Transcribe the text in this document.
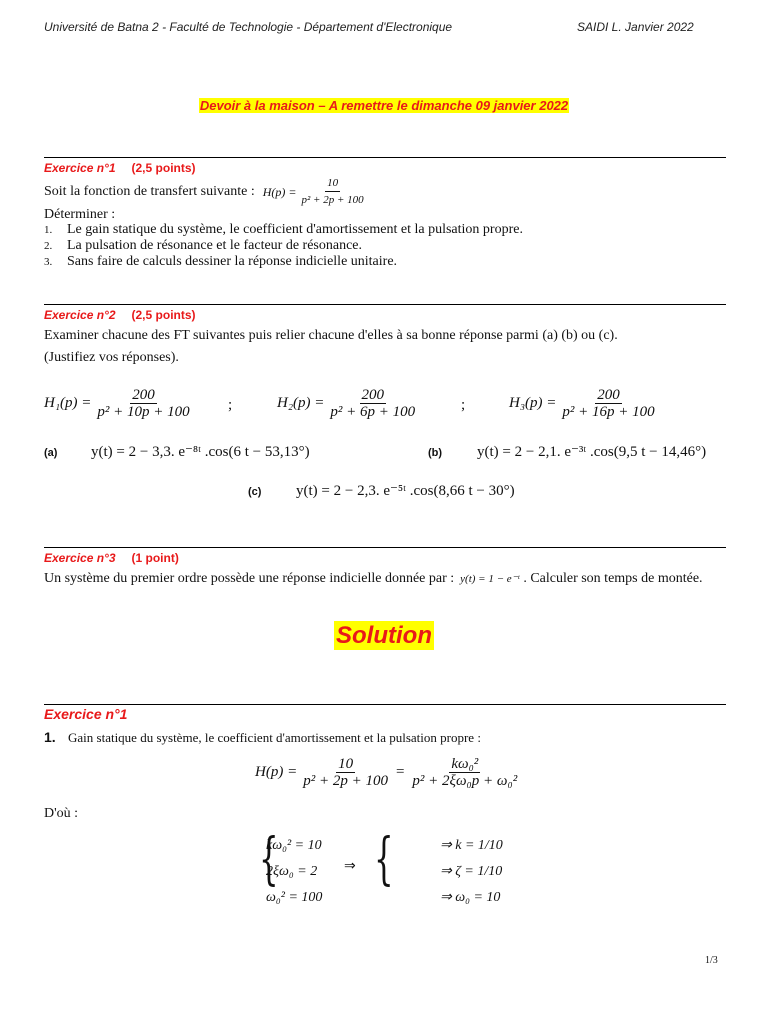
Université de Batna 2 - Faculté de Technologie - Département d'Electronique	SAIDI L. Janvier 2022
Devoir à la maison – A remettre le dimanche 09 janvier 2022
Exercice n°1 (2,5 points)
Soit la fonction de transfert suivante : $H(p) = \frac{10}{\text{p² + 2p + 100}}$
Déterminer :
1.	Le gain statique du système, le coefficient d'amortissement et la pulsation propre.
2.	La pulsation de résonance et le facteur de résonance.
3.	Sans faire de calculs dessiner la réponse indicielle unitaire.
Exercice n°2 (2,5 points)
Examiner chacune des FT suivantes puis relier chacune d'elles à sa bonne réponse parmi (a) (b) ou (c).
(Justifiez vos réponses).
$H_1(p) = \frac{200}{\text{p² + 10p + 100}}$ ;	$H_2(p) = \frac{200}{\text{p² + 6p + 100}}$	;	$H_3(p) = \frac{200}{\text{p² + 16p + 100}}$
(a) y(t) = 2 − 3,3. e⁻⁸ᵗ .cos(6 t − 53,13°)	(b) y(t) = 2 − 2,1. e⁻³ᵗ .cos(9,5 t − 14,46°)
(c) y(t) = 2 − 2,3. e⁻⁵ᵗ .cos(8,66 t − 30°)
Exercice n°3 (1 point)
Un système du premier ordre possède une réponse indicielle donnée par : y(t) = 1 − e⁻ᵗ . Calculer son temps de montée.
Solution
Exercice n°1
1. Gain statique du système, le coefficient d'amortissement et la pulsation propre :
$H(p) = \frac{10}{\text{p² + 2p + 100}} = \frac{\text{kω₀²}}{\text{p² + 2ξω₀p + ω₀²}}$
D'où :
{
kω₀² = 10
2ξω₀ = 2
ω₀² = 100
⇒ {	⇒ k = 1/10
⇒ ζ = 1/10
⇒ ω₀ = 10
1/3
